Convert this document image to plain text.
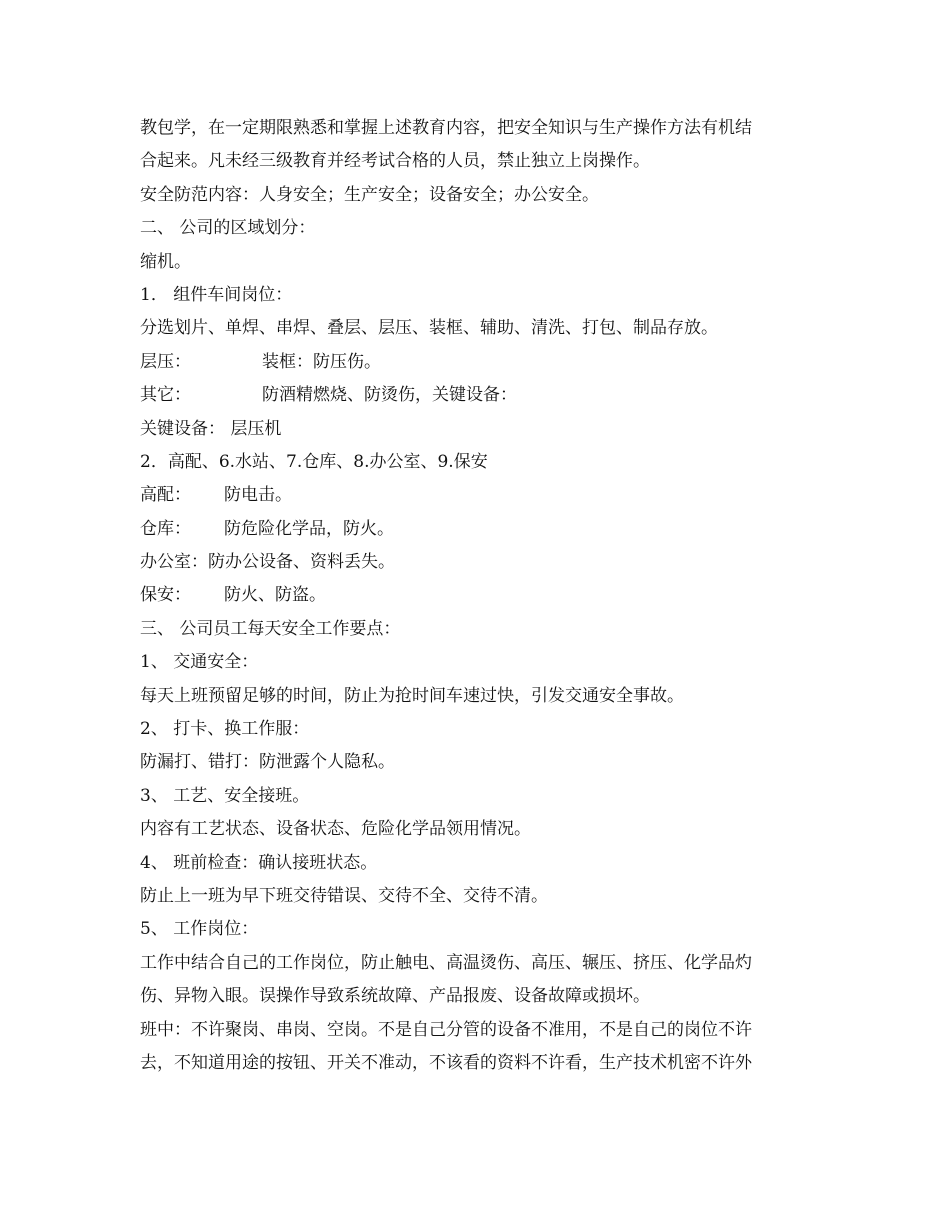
教包学，在一定期限熟悉和掌握上述教育内容，把安全知识与生产操作方法有机结
合起来。凡未经三级教育并经考试合格的人员，禁止独立上岗操作。
安全防范内容：人身安全；生产安全；设备安全；办公安全。
二、 公司的区域划分：
缩机。
1． 组件车间岗位：
分选划片、单焊、串焊、叠层、层压、装框、辅助、清洗、打包、制品存放。
层压：	装框：防压伤。
其它：	防酒精燃烧、防烫伤，关键设备：
关键设备： 层压机
2．高配、6.水站、7.仓库、8.办公室、9.保安
高配： 防电击。
仓库： 防危险化学品，防火。
办公室：防办公设备、资料丢失。
保安： 防火、防盗。
三、 公司员工每天安全工作要点：
1、 交通安全：
每天上班预留足够的时间，防止为抢时间车速过快，引发交通安全事故。
2、 打卡、换工作服：
防漏打、错打：防泄露个人隐私。
3、 工艺、安全接班。
内容有工艺状态、设备状态、危险化学品领用情况。
4、 班前检查：确认接班状态。
防止上一班为早下班交待错误、交待不全、交待不清。
5、 工作岗位：
工作中结合自己的工作岗位，防止触电、高温烫伤、高压、辗压、挤压、化学品灼
伤、异物入眼。误操作导致系统故障、产品报废、设备故障或损坏。
班中：不许聚岗、串岗、空岗。不是自己分管的设备不准用，不是自己的岗位不许
去，不知道用途的按钮、开关不准动，不该看的资料不许看，生产技术机密不许外
